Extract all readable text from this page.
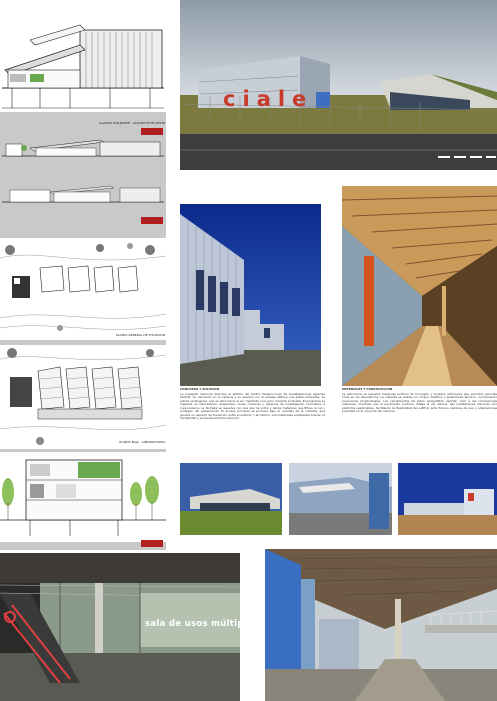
ALZADO SUR-NORTE · ALZADO ESTE-OESTE
PLANTA GENERAL DE SITUACIÓN
PLANTA BAJA · LABORATORIOS
ciale
CONCURSO Y SOLUCIÓN
La presente memoria describe el edificio del Centro Hispano-Luso de Investigaciones Agrarias (CIALE). Su ubicación en el campus y su relación con el paisaje definen una pieza compacta, de planta rectangular, que se abre hacia el sur mediante una gran cubierta inclinada. El programa se organiza en laboratorios, despachos, zonas comunes y espacios de investigación vinculados a invernaderos. La fachada se resuelve con una piel de vidrio y lamas metálicas que filtran la luz y protegen del soleamiento. El acceso principal se produce bajo el voladizo de la cubierta, que genera un espacio de transición entre el exterior y el interior. Los materiales empleados buscan la durabilidad y el mantenimiento reducido.
MATERIALES Y CONSTRUCCIÓN
La estructura se resuelve mediante pórticos de hormigón y forjados reticulares que permiten grandes luces en los laboratorios. La cubierta se realiza con chapa metálica y aislamiento térmico, incorporando lucernarios longitudinales. Los cerramientos de vidrio serigrafiado aportan color a las circulaciones interiores, mientras que el pavimento continuo refleja la luz natural. Las instalaciones discurren por patinillos registrables, facilitando la flexibilidad del edificio ante futuros cambios de uso y ampliaciones previstas en el conjunto del campus.
sala de usos múltiples
